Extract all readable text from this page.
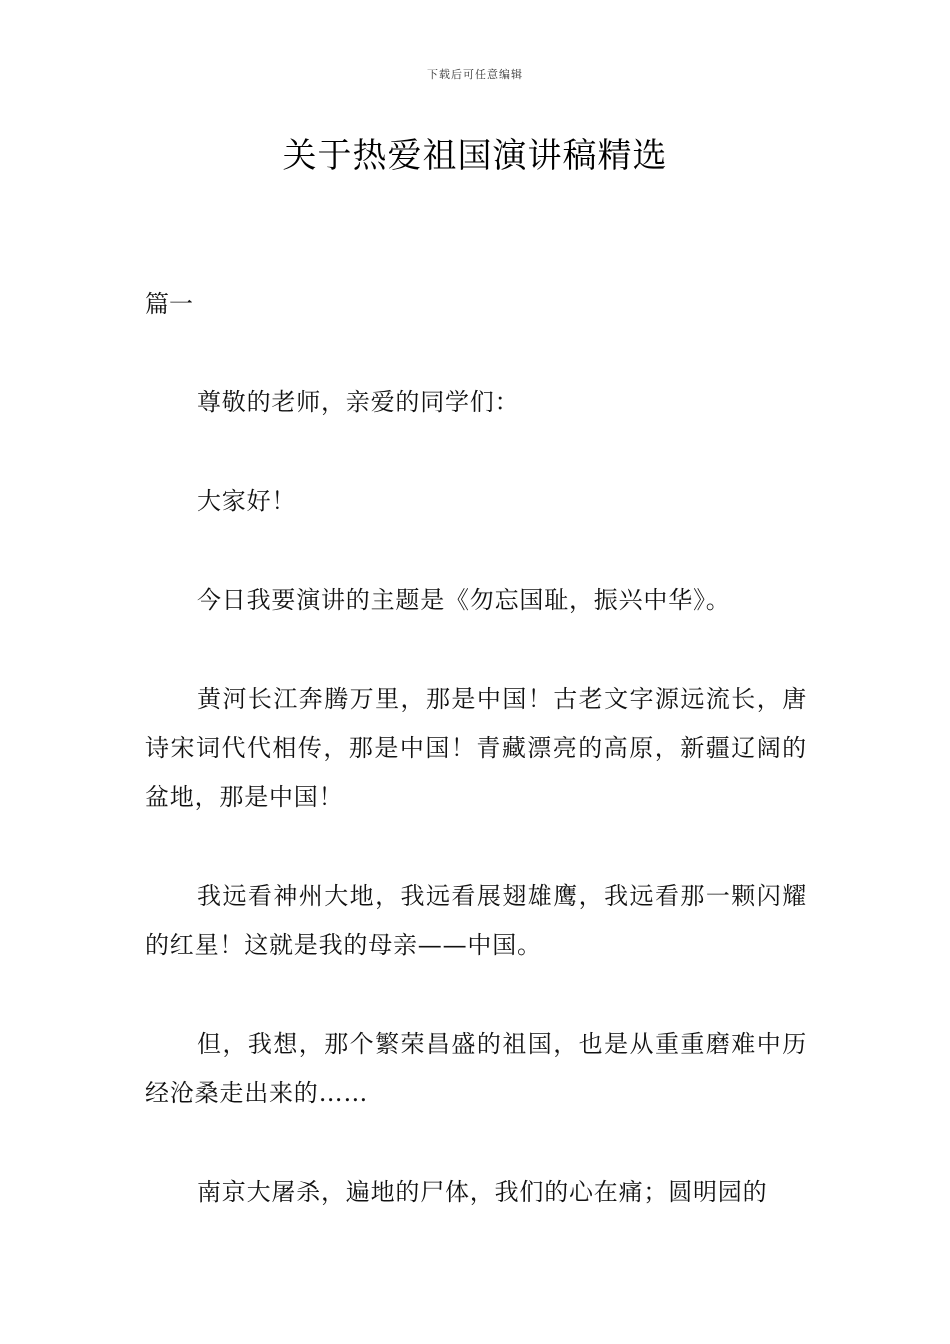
下载后可任意编辑
关于热爱祖国演讲稿精选
篇一

尊敬的老师，亲爱的同学们：

大家好！

今日我要演讲的主题是《勿忘国耻，振兴中华》。

黄河长江奔腾万里，那是中国！古老文字源远流长，唐诗宋词代代相传，那是中国！青藏漂亮的高原，新疆辽阔的盆地，那是中国！

我远看神州大地，我远看展翅雄鹰，我远看那一颗闪耀的红星！这就是我的母亲——中国。

但，我想，那个繁荣昌盛的祖国，也是从重重磨难中历经沧桑走出来的……

南京大屠杀，遍地的尸体，我们的心在痛；圆明园的
